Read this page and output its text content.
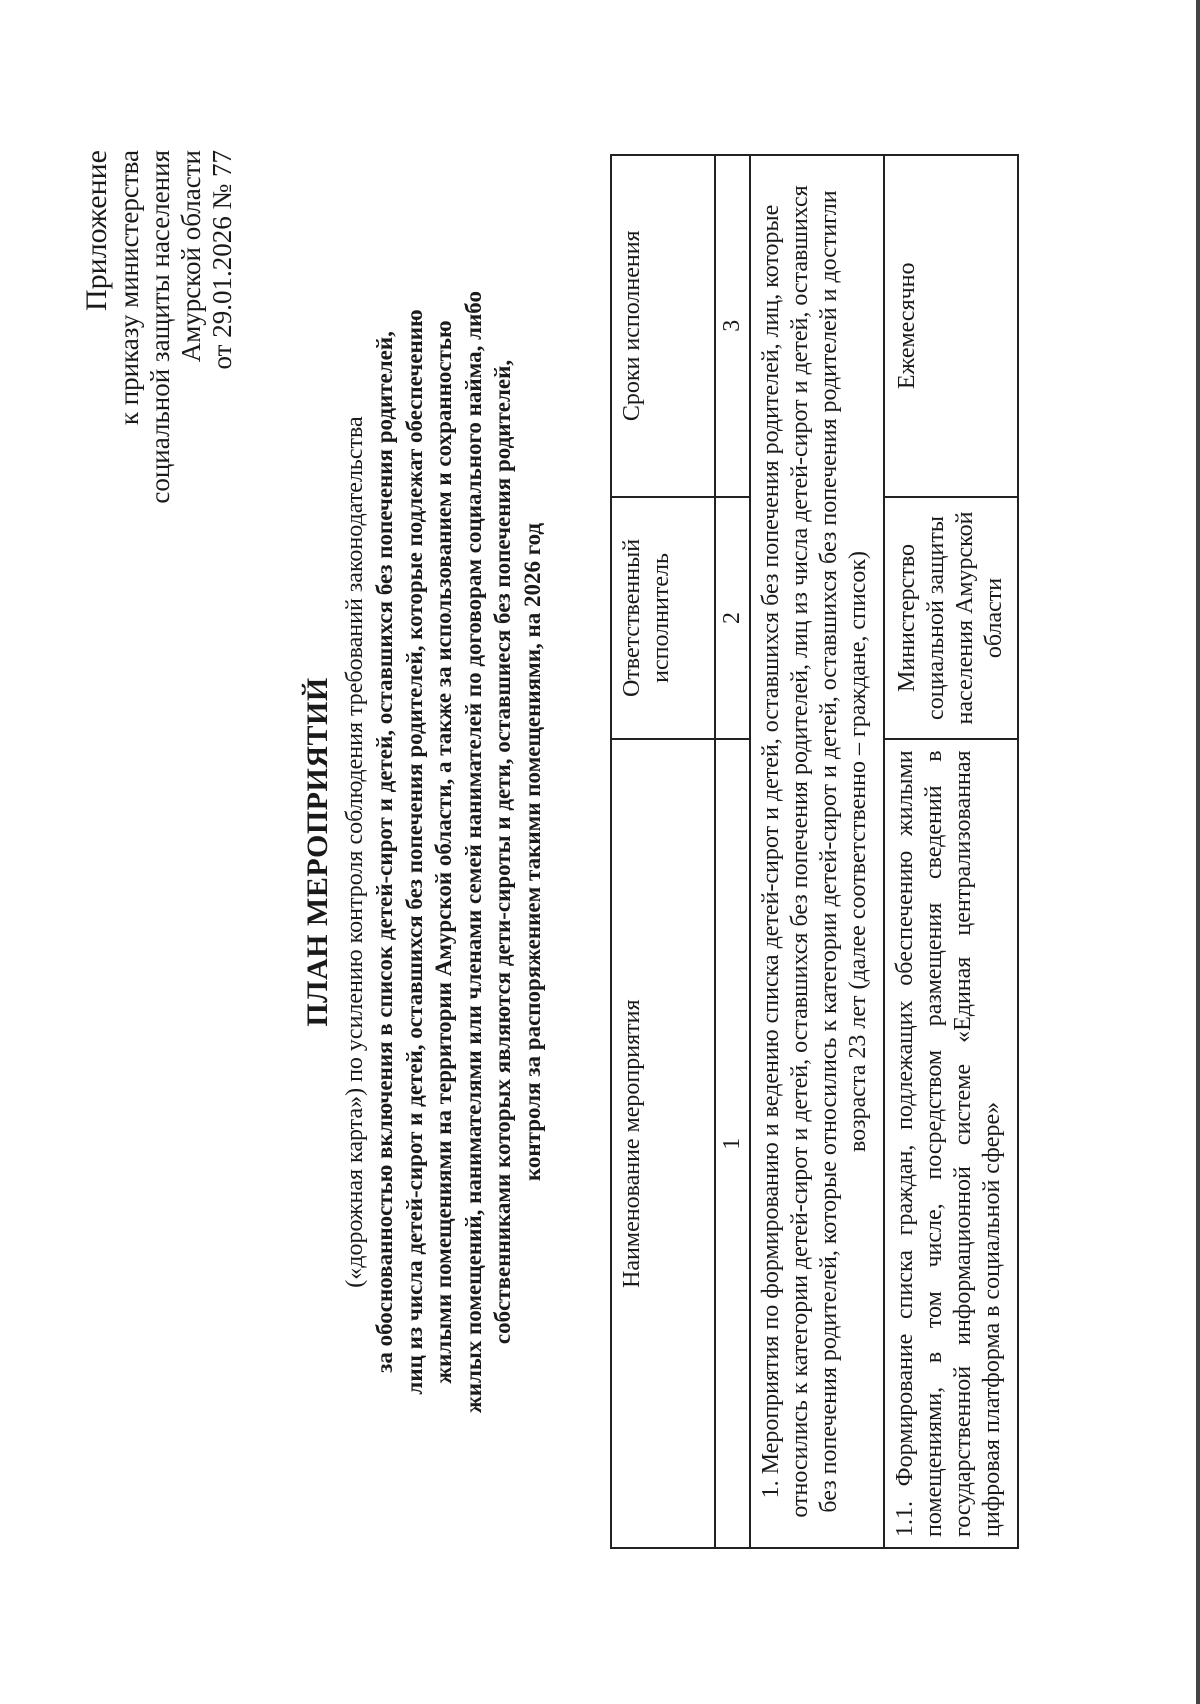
Приложение к приказу министерства социальной защиты населения Амурской области от 29.01.2026 № 77
ПЛАН МЕРОПРИЯТИЙ («дорожная карта») по усилению контроля соблюдения требований законодательства за обоснованностью включения в список детей-сирот и детей, оставшихся без попечения родителей, лиц из числа детей-сирот и детей, оставшихся без попечения родителей, которые подлежат обеспечению жилыми помещениями на территории Амурской области, а также за использованием и сохранностью жилых помещений, нанимателями или членами семей нанимателей по договорам социального найма, либо собственниками которых являются дети-сироты и дети, оставшиеся без попечения родителей, контроля за распоряжением такими помещениями, на 2026 год	Наименование мероприятия	Ответственный исполнитель	Сроки исполнения
1	2	3
1. Мероприятия по формированию и ведению списка детей-сирот и детей, оставшихся без попечения родителей, лиц, которые относились к категории детей-сирот и детей, оставшихся без попечения родителей, лиц из числа детей-сирот и детей, оставшихся без попечения родителей, которые относились к категории детей-сирот и детей, оставшихся без попечения родителей и достигли возраста 23 лет (далее соответственно – граждане, список)		
1.1. Формирование списка граждан, подлежащих обеспечению жилыми помещениями, в том числе, посредством размещения сведений в государственной информационной системе «Единая централизованная цифровая платформа в социальной сфере»	Министерство социальной защиты населения Амурской области	Ежемесячно
